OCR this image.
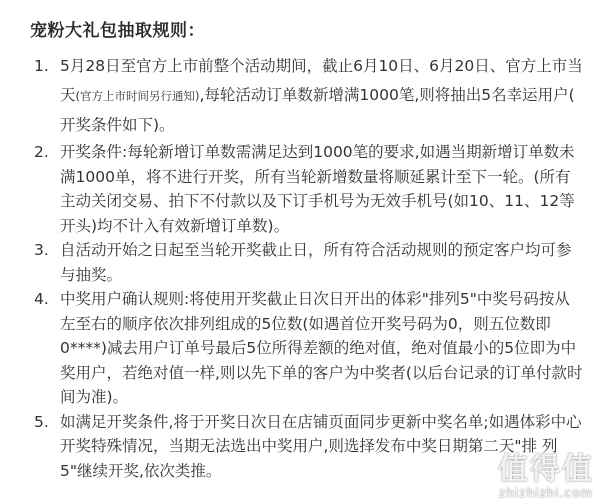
宠粉大礼包抽取规则：
1. 5月28日至官方上市前整个活动期间，截止6月10日、6月20日、官方上市当天(官方上市时间另行通知),每轮活动订单数新增满1000笔,则将抽出5名幸运用户( 开奖条件如下)。
2. 开奖条件:每轮新增订单数需满足达到1000笔的要求,如遇当期新增订单数未满1000单，将不进行开奖，所有当轮新增数量将顺延累计至下一轮。(所有主动关闭交易、拍下不付款以及下订手机号为无效手机号(如10、11、12等开头)均不计入有效新增订单数)。
3. 自活动开始之日起至当轮开奖截止日，所有符合活动规则的预定客户均可参与抽奖。
4. 中奖用户确认规则:将使用开奖截止日次日开出的体彩"排列5"中奖号码按从左至右的顺序依次排列组成的5位数(如遇首位开奖号码为0，则五位数即0****)减去用户订单号最后5位所得差额的绝对值，绝对值最小的5位即为中奖用户，若绝对值一样,则以先下单的客户为中奖者(以后台记录的订单付款时间为准)。
5. 如满足开奖条件,将于开奖日次日在店铺页面同步更新中奖名单;如遇体彩中心开奖特殊情况，当期无法选出中奖用户,则选择发布中奖日期第二天"排 列5"继续开奖,依次类推。	值得值
zhizhizhi.com
